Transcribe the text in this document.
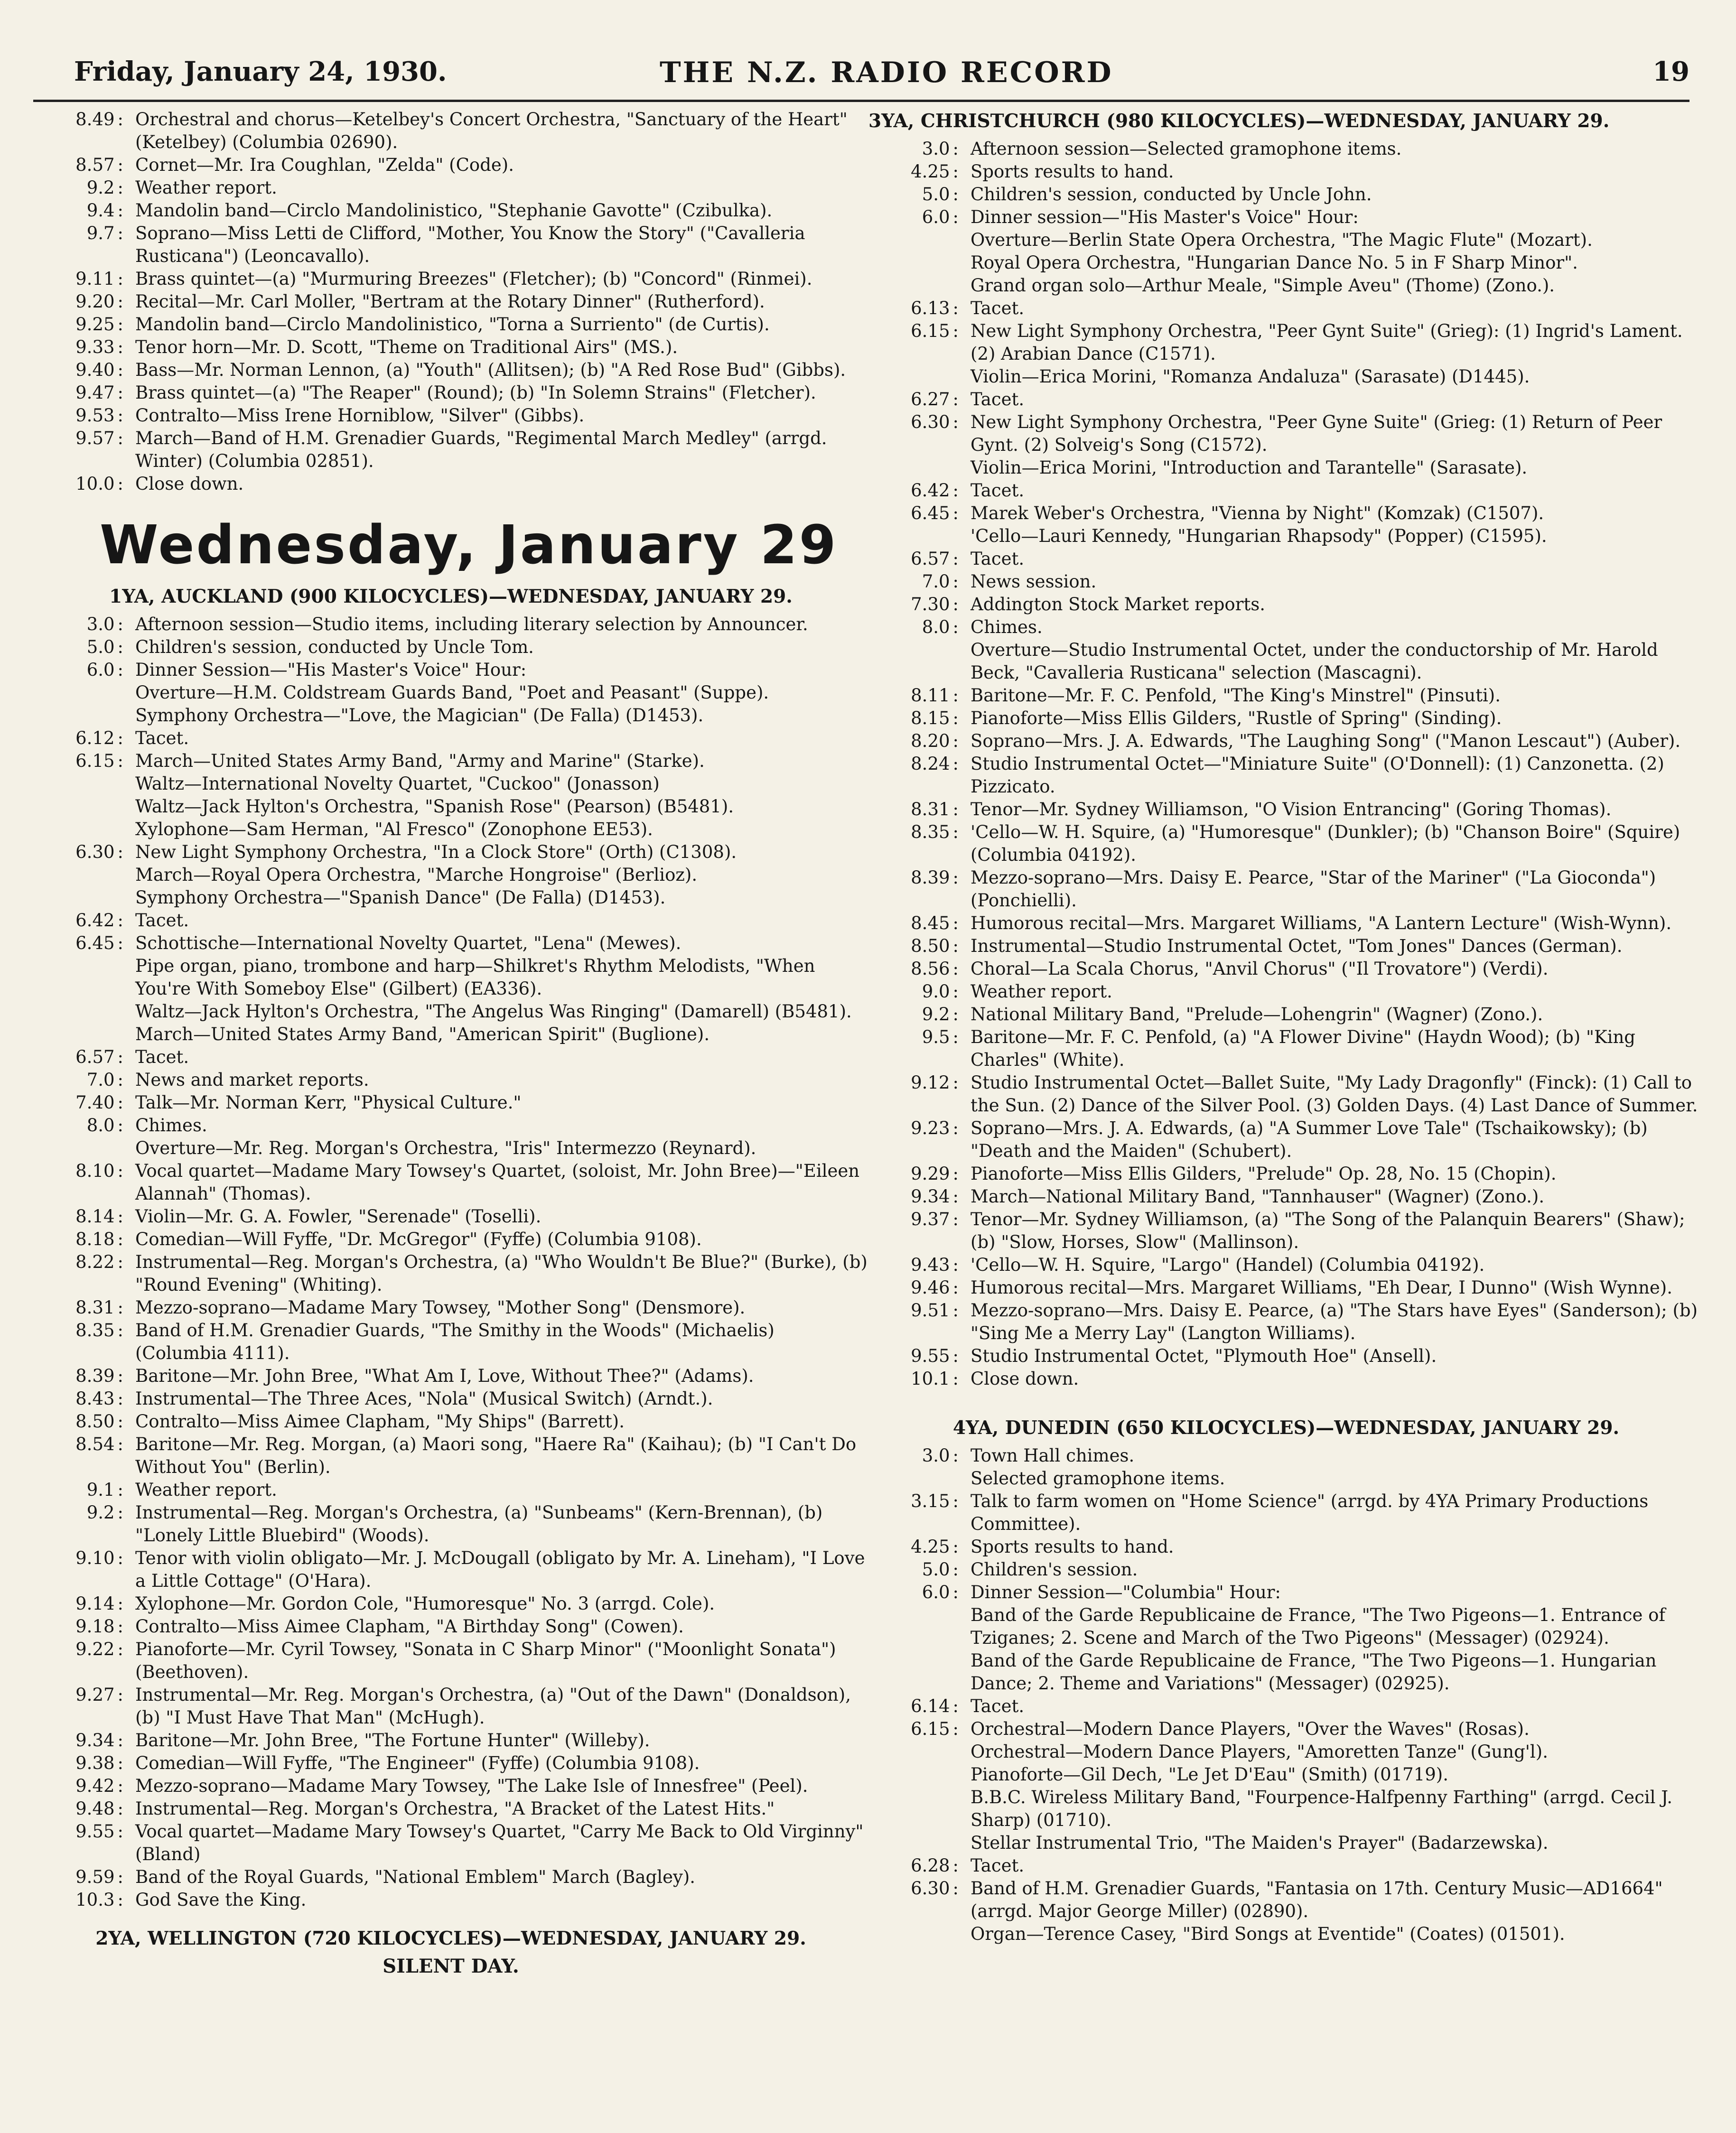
Friday, January 24, 1930.	THE N.Z. RADIO RECORD	19
8.49 :	Orchestral and chorus—Ketelbey's Concert Orchestra, "Sanctuary of the Heart" (Ketelbey) (Columbia 02690).
8.57 :	Cornet—Mr. Ira Coughlan, "Zelda" (Code).
9.2 :	Weather report.
9.4 :	Mandolin band—Circlo Mandolinistico, "Stephanie Gavotte" (Czibulka).
9.7 :	Soprano—Miss Letti de Clifford, "Mother, You Know the Story" ("Cavalleria Rusticana") (Leoncavallo).
9.11 :	Brass quintet—(a) "Murmuring Breezes" (Fletcher); (b) "Concord" (Rinmei).
9.20 :	Recital—Mr. Carl Moller, "Bertram at the Rotary Dinner" (Rutherford).
9.25 :	Mandolin band—Circlo Mandolinistico, "Torna a Surriento" (de Curtis).
9.33 :	Tenor horn—Mr. D. Scott, "Theme on Traditional Airs" (MS.).
9.40 :	Bass—Mr. Norman Lennon, (a) "Youth" (Allitsen); (b) "A Red Rose Bud" (Gibbs).
9.47 :	Brass quintet—(a) "The Reaper" (Round); (b) "In Solemn Strains" (Fletcher).
9.53 :	Contralto—Miss Irene Horniblow, "Silver" (Gibbs).
9.57 :	March—Band of H.M. Grenadier Guards, "Regimental March Medley" (arrgd. Winter) (Columbia 02851).
10.0 :	Close down.
Wednesday, January 29
1YA, AUCKLAND (900 KILOCYCLES)—WEDNESDAY, JANUARY 29.
3.0 :	Afternoon session—Studio items, including literary selection by Announcer.
5.0 :	Children's session, conducted by Uncle Tom.
6.0 :	Dinner Session—"His Master's Voice" Hour:
Overture—H.M. Coldstream Guards Band, "Poet and Peasant" (Suppe).
Symphony Orchestra—"Love, the Magician" (De Falla) (D1453).
6.12 :	Tacet.
6.15 :	March—United States Army Band, "Army and Marine" (Starke).
Waltz—International Novelty Quartet, "Cuckoo" (Jonasson)
Waltz—Jack Hylton's Orchestra, "Spanish Rose" (Pearson) (B5481).
Xylophone—Sam Herman, "Al Fresco" (Zonophone EE53).
6.30 :	New Light Symphony Orchestra, "In a Clock Store" (Orth) (C1308).
March—Royal Opera Orchestra, "Marche Hongroise" (Berlioz).
Symphony Orchestra—"Spanish Dance" (De Falla) (D1453).
6.42 :	Tacet.
6.45 :	Schottische—International Novelty Quartet, "Lena" (Mewes).
Pipe organ, piano, trombone and harp—Shilkret's Rhythm Melodists, "When You're With Someboy Else" (Gilbert) (EA336).
Waltz—Jack Hylton's Orchestra, "The Angelus Was Ringing" (Damarell) (B5481).
March—United States Army Band, "American Spirit" (Buglione).
6.57 :	Tacet.
7.0 :	News and market reports.
7.40 :	Talk—Mr. Norman Kerr, "Physical Culture."
8.0 :	Chimes.
Overture—Mr. Reg. Morgan's Orchestra, "Iris" Intermezzo (Reynard).
8.10 :	Vocal quartet—Madame Mary Towsey's Quartet, (soloist, Mr. John Bree)—"Eileen Alannah" (Thomas).
8.14 :	Violin—Mr. G. A. Fowler, "Serenade" (Toselli).
8.18 :	Comedian—Will Fyffe, "Dr. McGregor" (Fyffe) (Columbia 9108).
8.22 :	Instrumental—Reg. Morgan's Orchestra, (a) "Who Wouldn't Be Blue?" (Burke), (b) "Round Evening" (Whiting).
8.31 :	Mezzo-soprano—Madame Mary Towsey, "Mother Song" (Densmore).
8.35 :	Band of H.M. Grenadier Guards, "The Smithy in the Woods" (Michaelis) (Columbia 4111).
8.39 :	Baritone—Mr. John Bree, "What Am I, Love, Without Thee?" (Adams).
8.43 :	Instrumental—The Three Aces, "Nola" (Musical Switch) (Arndt.).
8.50 :	Contralto—Miss Aimee Clapham, "My Ships" (Barrett).
8.54 :	Baritone—Mr. Reg. Morgan, (a) Maori song, "Haere Ra" (Kaihau); (b) "I Can't Do Without You" (Berlin).
9.1 :	Weather report.
9.2 :	Instrumental—Reg. Morgan's Orchestra, (a) "Sunbeams" (Kern-Brennan), (b) "Lonely Little Bluebird" (Woods).
9.10 :	Tenor with violin obligato—Mr. J. McDougall (obligato by Mr. A. Lineham), "I Love a Little Cottage" (O'Hara).
9.14 :	Xylophone—Mr. Gordon Cole, "Humoresque" No. 3 (arrgd. Cole).
9.18 :	Contralto—Miss Aimee Clapham, "A Birthday Song" (Cowen).
9.22 :	Pianoforte—Mr. Cyril Towsey, "Sonata in C Sharp Minor" ("Moonlight Sonata") (Beethoven).
9.27 :	Instrumental—Mr. Reg. Morgan's Orchestra, (a) "Out of the Dawn" (Donaldson), (b) "I Must Have That Man" (McHugh).
9.34 :	Baritone—Mr. John Bree, "The Fortune Hunter" (Willeby).
9.38 :	Comedian—Will Fyffe, "The Engineer" (Fyffe) (Columbia 9108).
9.42 :	Mezzo-soprano—Madame Mary Towsey, "The Lake Isle of Innesfree" (Peel).
9.48 :	Instrumental—Reg. Morgan's Orchestra, "A Bracket of the Latest Hits."
9.55 :	Vocal quartet—Madame Mary Towsey's Quartet, "Carry Me Back to Old Virginny" (Bland)
9.59 :	Band of the Royal Guards, "National Emblem" March (Bagley).
10.3 :	God Save the King.
2YA, WELLINGTON (720 KILOCYCLES)—WEDNESDAY, JANUARY 29.
SILENT DAY.
3YA, CHRISTCHURCH (980 KILOCYCLES)—WEDNESDAY, JANUARY 29.
3.0 :	Afternoon session—Selected gramophone items.
4.25 :	Sports results to hand.
5.0 :	Children's session, conducted by Uncle John.
6.0 :	Dinner session—"His Master's Voice" Hour:
Overture—Berlin State Opera Orchestra, "The Magic Flute" (Mozart).
Royal Opera Orchestra, "Hungarian Dance No. 5 in F Sharp Minor".
Grand organ solo—Arthur Meale, "Simple Aveu" (Thome) (Zono.).
6.13 :	Tacet.
6.15 :	New Light Symphony Orchestra, "Peer Gynt Suite" (Grieg): (1) Ingrid's Lament. (2) Arabian Dance (C1571).
Violin—Erica Morini, "Romanza Andaluza" (Sarasate) (D1445).
6.27 :	Tacet.
6.30 :	New Light Symphony Orchestra, "Peer Gyne Suite" (Grieg: (1) Return of Peer Gynt. (2) Solveig's Song (C1572).
Violin—Erica Morini, "Introduction and Tarantelle" (Sarasate).
6.42 :	Tacet.
6.45 :	Marek Weber's Orchestra, "Vienna by Night" (Komzak) (C1507).
'Cello—Lauri Kennedy, "Hungarian Rhapsody" (Popper) (C1595).
6.57 :	Tacet.
7.0 :	News session.
7.30 :	Addington Stock Market reports.
8.0 :	Chimes.
Overture—Studio Instrumental Octet, under the conductorship of Mr. Harold Beck, "Cavalleria Rusticana" selection (Mascagni).
8.11 :	Baritone—Mr. F. C. Penfold, "The King's Minstrel" (Pinsuti).
8.15 :	Pianoforte—Miss Ellis Gilders, "Rustle of Spring" (Sinding).
8.20 :	Soprano—Mrs. J. A. Edwards, "The Laughing Song" ("Manon Lescaut") (Auber).
8.24 :	Studio Instrumental Octet—"Miniature Suite" (O'Donnell): (1) Canzonetta. (2) Pizzicato.
8.31 :	Tenor—Mr. Sydney Williamson, "O Vision Entrancing" (Goring Thomas).
8.35 :	'Cello—W. H. Squire, (a) "Humoresque" (Dunkler); (b) "Chanson Boire" (Squire) (Columbia 04192).
8.39 :	Mezzo-soprano—Mrs. Daisy E. Pearce, "Star of the Mariner" ("La Gioconda") (Ponchielli).
8.45 :	Humorous recital—Mrs. Margaret Williams, "A Lantern Lecture" (Wish-Wynn).
8.50 :	Instrumental—Studio Instrumental Octet, "Tom Jones" Dances (German).
8.56 :	Choral—La Scala Chorus, "Anvil Chorus" ("Il Trovatore") (Verdi).
9.0 :	Weather report.
9.2 :	National Military Band, "Prelude—Lohengrin" (Wagner) (Zono.).
9.5 :	Baritone—Mr. F. C. Penfold, (a) "A Flower Divine" (Haydn Wood); (b) "King Charles" (White).
9.12 :	Studio Instrumental Octet—Ballet Suite, "My Lady Dragonfly" (Finck): (1) Call to the Sun. (2) Dance of the Silver Pool. (3) Golden Days. (4) Last Dance of Summer.
9.23 :	Soprano—Mrs. J. A. Edwards, (a) "A Summer Love Tale" (Tschaikowsky); (b) "Death and the Maiden" (Schubert).
9.29 :	Pianoforte—Miss Ellis Gilders, "Prelude" Op. 28, No. 15 (Chopin).
9.34 :	March—National Military Band, "Tannhauser" (Wagner) (Zono.).
9.37 :	Tenor—Mr. Sydney Williamson, (a) "The Song of the Palanquin Bearers" (Shaw); (b) "Slow, Horses, Slow" (Mallinson).
9.43 :	'Cello—W. H. Squire, "Largo" (Handel) (Columbia 04192).
9.46 :	Humorous recital—Mrs. Margaret Williams, "Eh Dear, I Dunno" (Wish Wynne).
9.51 :	Mezzo-soprano—Mrs. Daisy E. Pearce, (a) "The Stars have Eyes" (Sanderson); (b) "Sing Me a Merry Lay" (Langton Williams).
9.55 :	Studio Instrumental Octet, "Plymouth Hoe" (Ansell).
10.1 :	Close down.
4YA, DUNEDIN (650 KILOCYCLES)—WEDNESDAY, JANUARY 29.
3.0 :	Town Hall chimes.
Selected gramophone items.
3.15 :	Talk to farm women on "Home Science" (arrgd. by 4YA Primary Productions Committee).
4.25 :	Sports results to hand.
5.0 :	Children's session.
6.0 :	Dinner Session—"Columbia" Hour:
Band of the Garde Republicaine de France, "The Two Pigeons—1. Entrance of Tziganes; 2. Scene and March of the Two Pigeons" (Messager) (02924).
Band of the Garde Republicaine de France, "The Two Pigeons—1. Hungarian Dance; 2. Theme and Variations" (Messager) (02925).
6.14 :	Tacet.
6.15 :	Orchestral—Modern Dance Players, "Over the Waves" (Rosas).
Orchestral—Modern Dance Players, "Amoretten Tanze" (Gung'l).
Pianoforte—Gil Dech, "Le Jet D'Eau" (Smith) (01719).
B.B.C. Wireless Military Band, "Fourpence-Halfpenny Farthing" (arrgd. Cecil J. Sharp) (01710).
Stellar Instrumental Trio, "The Maiden's Prayer" (Badarzewska).
6.28 :	Tacet.
6.30 :	Band of H.M. Grenadier Guards, "Fantasia on 17th. Century Music—AD1664" (arrgd. Major George Miller) (02890).
Organ—Terence Casey, "Bird Songs at Eventide" (Coates) (01501).
